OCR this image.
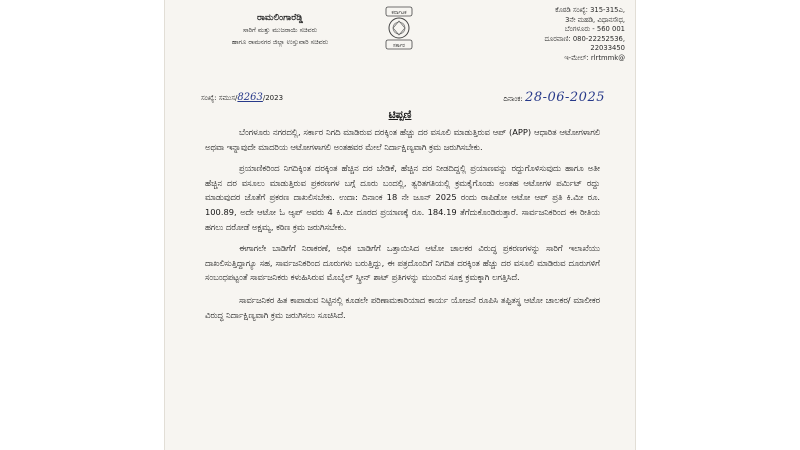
ರಾಮಲಿಂಗಾರೆಡ್ಡಿ
ಸಾರಿಗೆ ಮತ್ತು ಮುಜರಾಯಿ ಸಚಿವರು
ಹಾಗೂ ರಾಮನಗರ ಜಿಲ್ಲಾ ಉಸ್ತುವಾರಿ ಸಚಿವರು
ಕರ್ನಾಟಕ
ಸರ್ಕಾರ
ಕೊಠಡಿ ಸಂಖ್ಯೆ: 315-315ಎ,
3ನೇ ಮಹಡಿ, ವಿಧಾನಸೌಧ,
ಬೆಂಗಳೂರು - 560 001
ದೂರವಾಣಿ: 080-22252536,
22033450
ಇ-ಮೇಲ್: rlrtmmk@
ಸಂಖ್ಯೆ: ಸಮುಸ/8263/2023	ದಿನಾಂಕ: 28-06-2025
ಟಿಪ್ಪಣಿ

ಬೆಂಗಳೂರು ನಗರದಲ್ಲಿ, ಸರ್ಕಾರ ನಿಗದಿ ಮಾಡಿರುವ ದರಕ್ಕಿಂತ ಹೆಚ್ಚು ದರ ವಸೂಲಿ ಮಾಡುತ್ತಿರುವ ಆಪ್ (APP) ಆಧಾರಿತ ಆಟೋಗಳಾಗಲಿ ಅಥವಾ ಇನ್ನಾವುದೇ ಮಾದರಿಯ ಆಟೋಗಳಾಗಲಿ ಅಂತಹವರ ಮೇಲೆ ನಿರ್ದಾಕ್ಷಿಣ್ಯವಾಗಿ ಕ್ರಮ ಜರುಗಿಸಬೇಕು.

ಪ್ರಯಾಣಿಕರಿಂದ ನಿಗದಿಕ್ಕಿಂತ ದರಕ್ಕಿಂತ ಹೆಚ್ಚಿನ ದರ ಬೇಡಿಕೆ, ಹೆಚ್ಚಿನ ದರ ನೀಡದಿದ್ದಲ್ಲಿ ಪ್ರಯಾಣವನ್ನು ರದ್ದುಗೊಳಿಸುವುದು ಹಾಗೂ ಅತೀ ಹೆಚ್ಚಿನ ದರ ವಸೂಲು ಮಾಡುತ್ತಿರುವ ಪ್ರಕರಣಗಳ ಬಗ್ಗೆ ದೂರು ಬಂದಲ್ಲಿ, ತ್ವರಿತಗತಿಯಲ್ಲಿ ಕ್ರಮಕೈಗೊಂಡು ಅಂತಹ ಆಟೋಗಳ ಪರ್ಮಿಟ್ ರದ್ದು ಮಾಡುವುದರ ಜೊತೆಗೆ ಪ್ರಕರಣ ದಾಖಲಿಸಬೇಕು. ಉದಾ: ದಿನಾಂಕ 18 ನೇ ಜೂನ್ 2025 ರಂದು ರಾಪಿಡೋ ಆಟೋ ಆಪ್ ಪ್ರತಿ ಕಿ.ಮೀ ರೂ. 100.89, ಅದೇ ಆಟೋ ಓ ಆ್ಯಪ್ ಅವರು 4 ಕಿ.ಮೀ ದೂರದ ಪ್ರಯಾಣಕ್ಕೆ ರೂ. 184.19 ತೆಗೆದುಕೊಂಡಿರುತ್ತಾರೆ. ಸಾರ್ವಜನಿಕರಿಂದ ಈ ರೀತಿಯ ಹಗಲು ದರೋಡೆ ಅಕ್ಷಮ್ಯ, ಕಠಿಣ ಕ್ರಮ ಜರುಗಿಸಬೇಕು.

ಈಗಾಗಲೇ ಬಾಡಿಗೆಗೆ ನಿರಾಕರಣೆ, ಅಧಿಕ ಬಾಡಿಗೆಗೆ ಒತ್ತಾಯಿಸಿದ ಆಟೋ ಚಾಲಕರ ವಿರುದ್ಧ ಪ್ರಕರಣಗಳನ್ನು ಸಾರಿಗೆ ಇಲಾಖೆಯು ದಾಖಲಿಸುತ್ತಿದ್ದಾಗ್ಯೂ ಸಹ, ಸಾರ್ವಜನಿಕರಿಂದ ದೂರುಗಳು ಬರುತ್ತಿದ್ದು, ಈ ಪತ್ರದೊಂದಿಗೆ ನಿಗದಿತ ದರಕ್ಕಿಂತ ಹೆಚ್ಚು ದರ ವಸೂಲಿ ಮಾಡಿರುವ ದೂರುಗಳಿಗೆ ಸಂಬಂಧಪಟ್ಟಂತೆ ಸಾರ್ವಜನಿಕರು ಕಳುಹಿಸಿರುವ ಮೊಬೈಲ್ ಸ್ಕ್ರೀನ್ ಶಾಟ್ ಪ್ರತಿಗಳನ್ನು ಮುಂದಿನ ಸೂಕ್ತ ಕ್ರಮಕ್ಕಾಗಿ ಲಗತ್ತಿಸಿದೆ.

ಸಾರ್ವಜನಿಕರ ಹಿತ ಕಾಪಾಡುವ ನಿಟ್ಟಿನಲ್ಲಿ ಕೂಡಲೇ ಪರಿಣಾಮಕಾರಿಯಾದ ಕಾರ್ಯ ಯೋಜನೆ ರೂಪಿಸಿ ತಪ್ಪಿತಸ್ಥ ಆಟೋ ಚಾಲಕರ/ ಮಾಲೀಕರ ವಿರುದ್ಧ ನಿರ್ದಾಕ್ಷಿಣ್ಯವಾಗಿ ಕ್ರಮ ಜರುಗಿಸಲು ಸೂಚಿಸಿದೆ.
